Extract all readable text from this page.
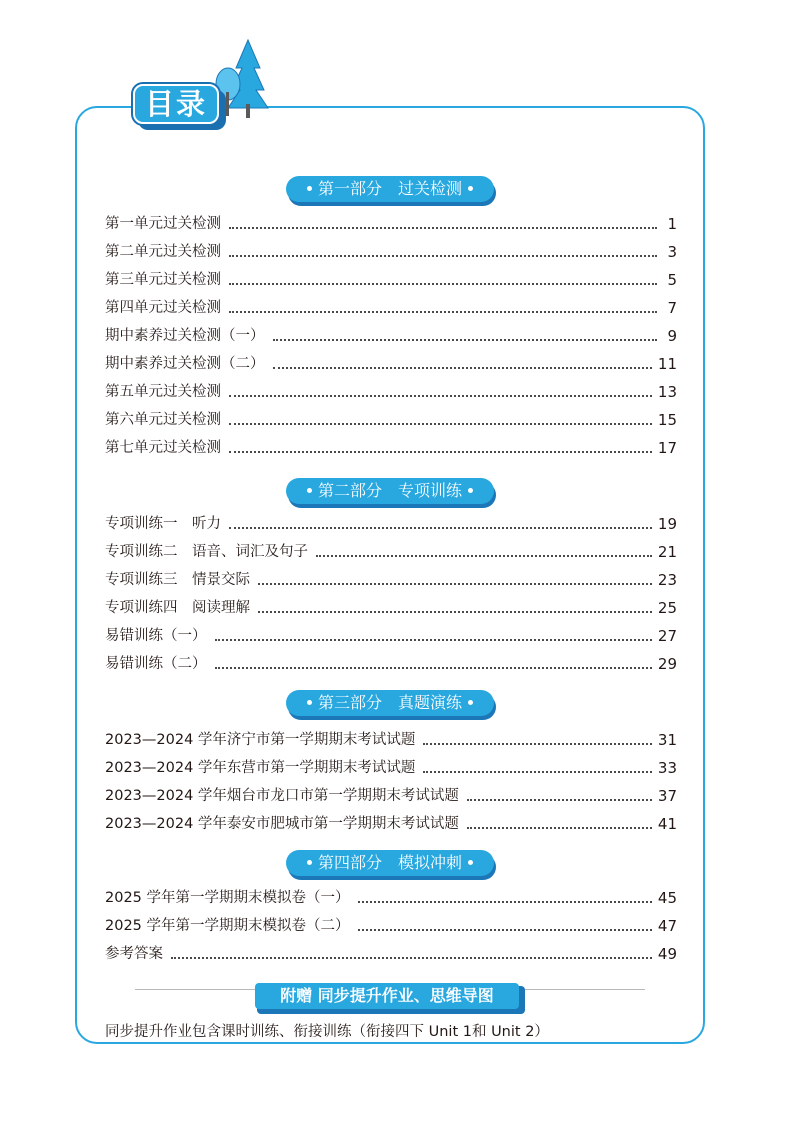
目录
第一部分　过关检测
第一单元过关检测	1
第二单元过关检测	3
第三单元过关检测	5
第四单元过关检测	7
期中素养过关检测（一）	9
期中素养过关检测（二）	11
第五单元过关检测	13
第六单元过关检测	15
第七单元过关检测	17
第二部分　专项训练
专项训练一　听力	19
专项训练二　语音、词汇及句子	21
专项训练三　情景交际	23
专项训练四　阅读理解	25
易错训练（一）	27
易错训练（二）	29
第三部分　真题演练
2023—2024 学年济宁市第一学期期末考试试题	31
2023—2024 学年东营市第一学期期末考试试题	33
2023—2024 学年烟台市龙口市第一学期期末考试试题	37
2023—2024 学年泰安市肥城市第一学期期末考试试题	41
第四部分　模拟冲刺
2025 学年第一学期期末模拟卷（一）	45
2025 学年第一学期期末模拟卷（二）	47
参考答案	49
附赠 同步提升作业、思维导图
同步提升作业包含课时训练、衔接训练（衔接四下 Unit 1和 Unit 2）
